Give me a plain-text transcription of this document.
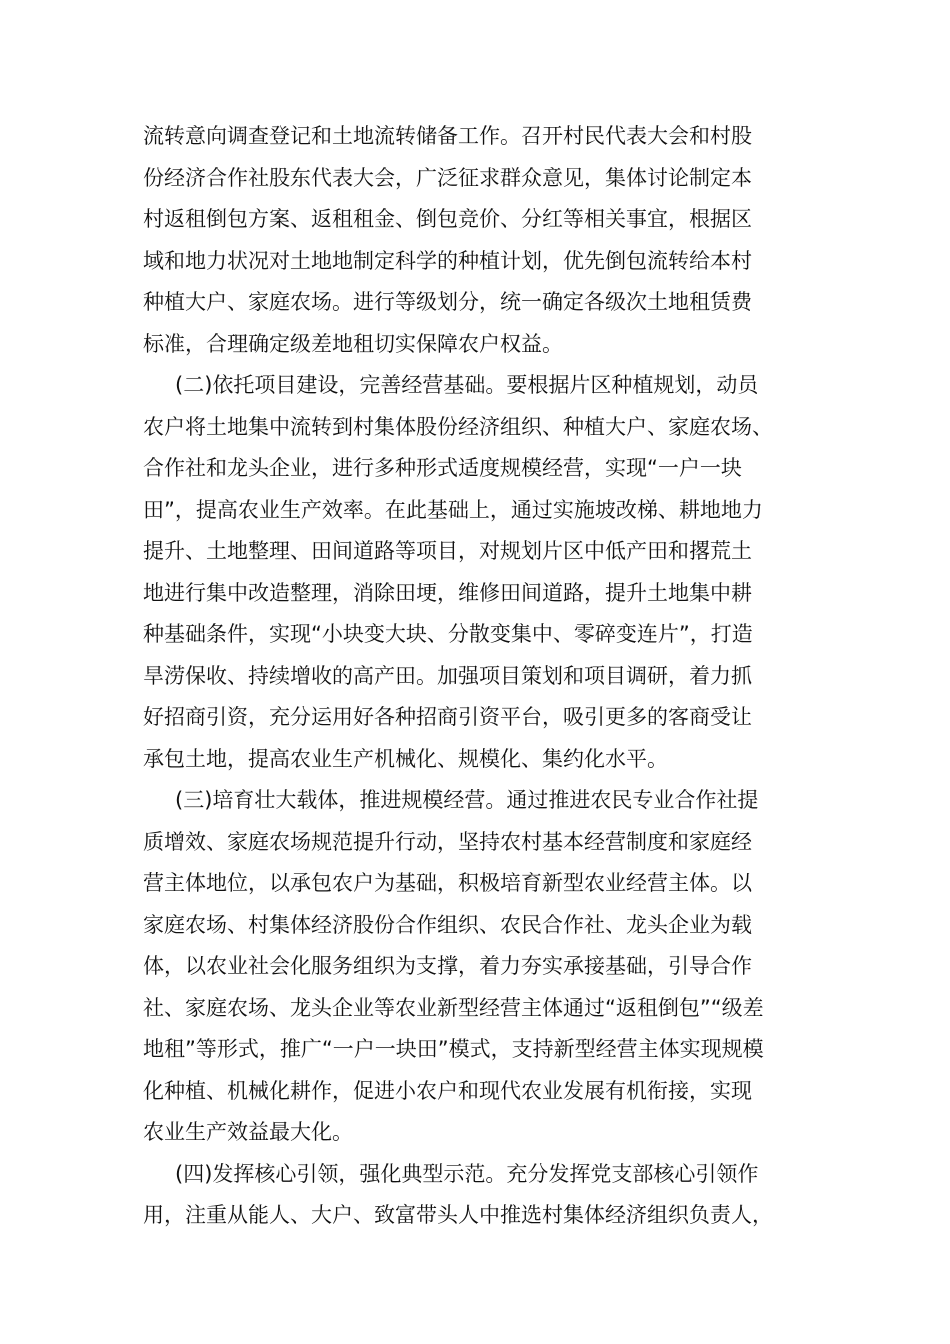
流转意向调查登记和土地流转储备工作。召开村民代表大会和村股
份经济合作社股东代表大会，广泛征求群众意见，集体讨论制定本
村返租倒包方案、返租租金、倒包竞价、分红等相关事宜，根据区
域和地力状况对土地地制定科学的种植计划，优先倒包流转给本村
种植大户、家庭农场。进行等级划分，统一确定各级次土地租赁费
标准，合理确定级差地租切实保障农户权益。
(二)依托项目建设，完善经营基础。要根据片区种植规划，动员
农户将土地集中流转到村集体股份经济组织、种植大户、家庭农场、
合作社和龙头企业，进行多种形式适度规模经营，实现“一户一块
田”，提高农业生产效率。在此基础上，通过实施坡改梯、耕地地力
提升、土地整理、田间道路等项目，对规划片区中低产田和撂荒土
地进行集中改造整理，消除田埂，维修田间道路，提升土地集中耕
种基础条件，实现“小块变大块、分散变集中、零碎变连片”，打造
旱涝保收、持续增收的高产田。加强项目策划和项目调研，着力抓
好招商引资，充分运用好各种招商引资平台，吸引更多的客商受让
承包土地，提高农业生产机械化、规模化、集约化水平。
(三)培育壮大载体，推进规模经营。通过推进农民专业合作社提
质增效、家庭农场规范提升行动，坚持农村基本经营制度和家庭经
营主体地位，以承包农户为基础，积极培育新型农业经营主体。以
家庭农场、村集体经济股份合作组织、农民合作社、龙头企业为载
体，以农业社会化服务组织为支撑，着力夯实承接基础，引导合作
社、家庭农场、龙头企业等农业新型经营主体通过“返租倒包”“级差
地租”等形式，推广“一户一块田”模式，支持新型经营主体实现规模
化种植、机械化耕作，促进小农户和现代农业发展有机衔接，实现
农业生产效益最大化。
(四)发挥核心引领，强化典型示范。充分发挥党支部核心引领作
用，注重从能人、大户、致富带头人中推选村集体经济组织负责人，
